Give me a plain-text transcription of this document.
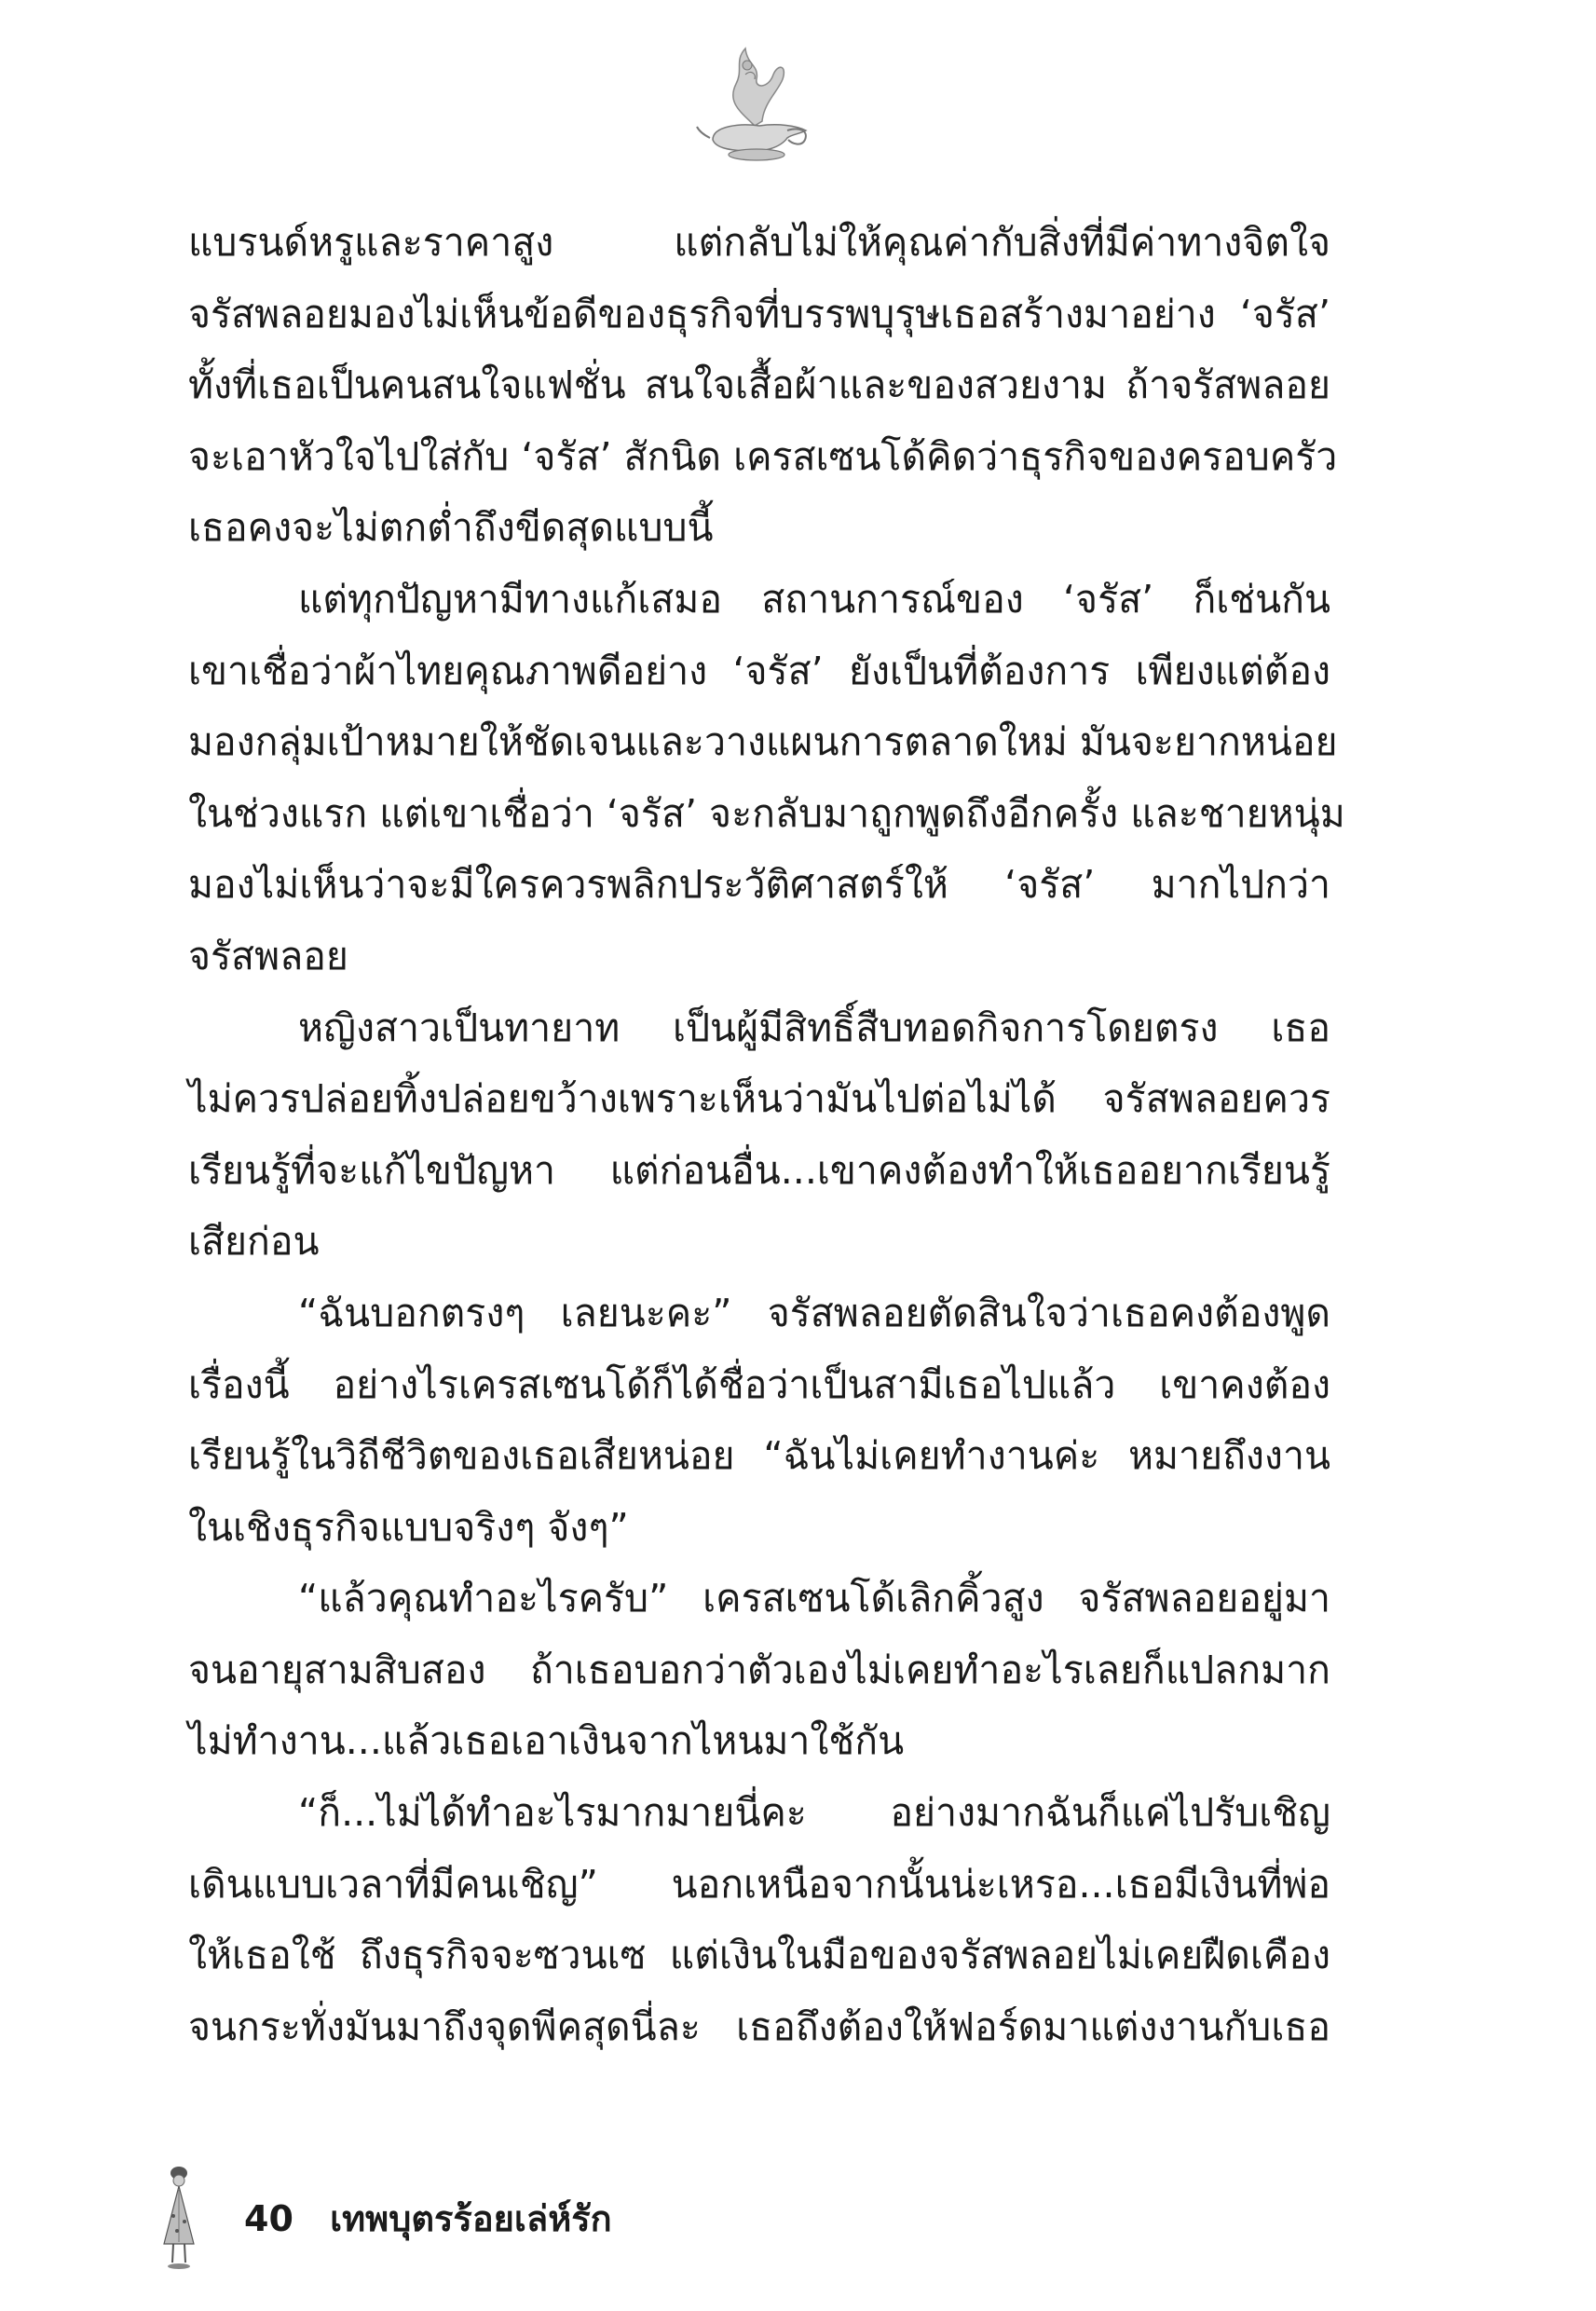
แบรนด์หรูและราคาสูง แต่กลับไม่ให้คุณค่ากับสิ่งที่มีค่าทางจิตใจ
จรัสพลอยมองไม่เห็นข้อดีของธุรกิจที่บรรพบุรุษเธอสร้างมาอย่าง ‘จรัส’
ทั้งที่เธอเป็นคนสนใจแฟชั่น สนใจเสื้อผ้าและของสวยงาม ถ้าจรัสพลอย
จะเอาหัวใจไปใส่กับ ‘จรัส’ สักนิด เครสเซนโด้คิดว่าธุรกิจของครอบครัว
เธอคงจะไม่ตกต่ำถึงขีดสุดแบบนี้
แต่ทุกปัญหามีทางแก้เสมอ สถานการณ์ของ ‘จรัส’ ก็เช่นกัน
เขาเชื่อว่าผ้าไทยคุณภาพดีอย่าง ‘จรัส’ ยังเป็นที่ต้องการ เพียงแต่ต้อง
มองกลุ่มเป้าหมายให้ชัดเจนและวางแผนการตลาดใหม่ มันจะยากหน่อย
ในช่วงแรก แต่เขาเชื่อว่า ‘จรัส’ จะกลับมาถูกพูดถึงอีกครั้ง และชายหนุ่ม
มองไม่เห็นว่าจะมีใครควรพลิกประวัติศาสตร์ให้ ‘จรัส’ มากไปกว่า
จรัสพลอย
หญิงสาวเป็นทายาท เป็นผู้มีสิทธิ์สืบทอดกิจการโดยตรง เธอ
ไม่ควรปล่อยทิ้งปล่อยขว้างเพราะเห็นว่ามันไปต่อไม่ได้ จรัสพลอยควร
เรียนรู้ที่จะแก้ไขปัญหา แต่ก่อนอื่น...เขาคงต้องทำให้เธออยากเรียนรู้
เสียก่อน
“ฉันบอกตรงๆ เลยนะคะ” จรัสพลอยตัดสินใจว่าเธอคงต้องพูด
เรื่องนี้ อย่างไรเครสเซนโด้ก็ได้ชื่อว่าเป็นสามีเธอไปแล้ว เขาคงต้อง
เรียนรู้ในวิถีชีวิตของเธอเสียหน่อย “ฉันไม่เคยทำงานค่ะ หมายถึงงาน
ในเชิงธุรกิจแบบจริงๆ จังๆ”
“แล้วคุณทำอะไรครับ” เครสเซนโด้เลิกคิ้วสูง จรัสพลอยอยู่มา
จนอายุสามสิบสอง ถ้าเธอบอกว่าตัวเองไม่เคยทำอะไรเลยก็แปลกมาก
ไม่ทำงาน...แล้วเธอเอาเงินจากไหนมาใช้กัน
“ก็...ไม่ได้ทำอะไรมากมายนี่คะ อย่างมากฉันก็แค่ไปรับเชิญ
เดินแบบเวลาที่มีคนเชิญ” นอกเหนือจากนั้นน่ะเหรอ...เธอมีเงินที่พ่อ
ให้เธอใช้ ถึงธุรกิจจะซวนเซ แต่เงินในมือของจรัสพลอยไม่เคยฝืดเคือง
จนกระทั่งมันมาถึงจุดพีคสุดนี่ละ เธอถึงต้องให้ฟอร์ดมาแต่งงานกับเธอ
40 เทพบุตรร้อยเล่ห์รัก
